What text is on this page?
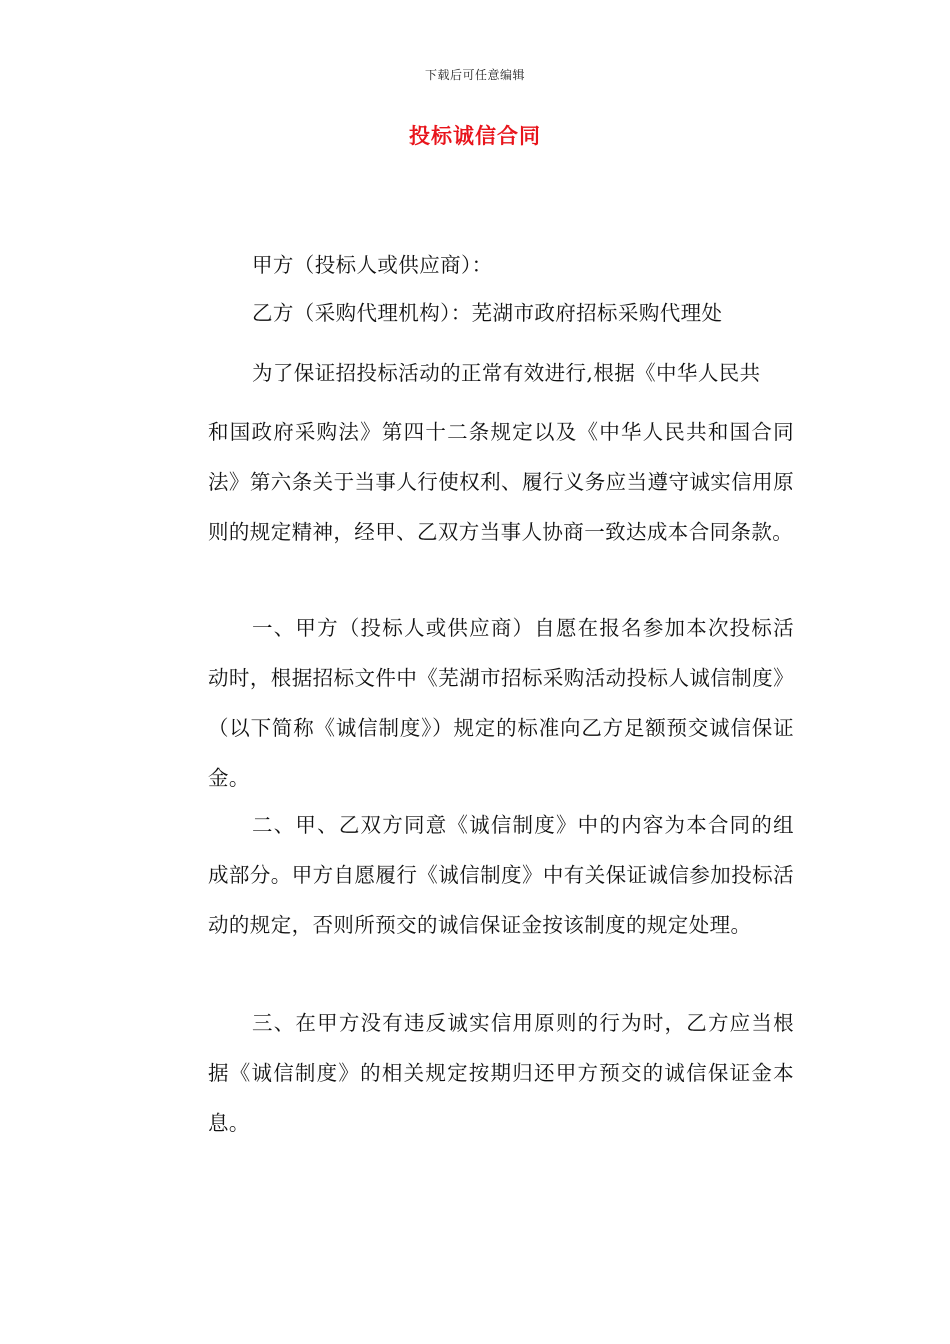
下载后可任意编辑
投标诚信合同
甲方（投标人或供应商）：
乙方（采购代理机构）：芜湖市政府招标采购代理处
为了保证招投标活动的正常有效进行,根据《中华人民共

和国政府采购法》第四十二条规定以及《中华人民共和国合同法》第六条关于当事人行使权利、履行义务应当遵守诚实信用原则的规定精神，经甲、乙双方当事人协商一致达成本合同条款。

一、甲方（投标人或供应商）自愿在报名参加本次投标活动时，根据招标文件中《芜湖市招标采购活动投标人诚信制度》（以下简称《诚信制度》）规定的标准向乙方足额预交诚信保证金。

二、甲、乙双方同意《诚信制度》中的内容为本合同的组成部分。甲方自愿履行《诚信制度》中有关保证诚信参加投标活动的规定，否则所预交的诚信保证金按该制度的规定处理。

三、在甲方没有违反诚实信用原则的行为时，乙方应当根据《诚信制度》的相关规定按期归还甲方预交的诚信保证金本息。
